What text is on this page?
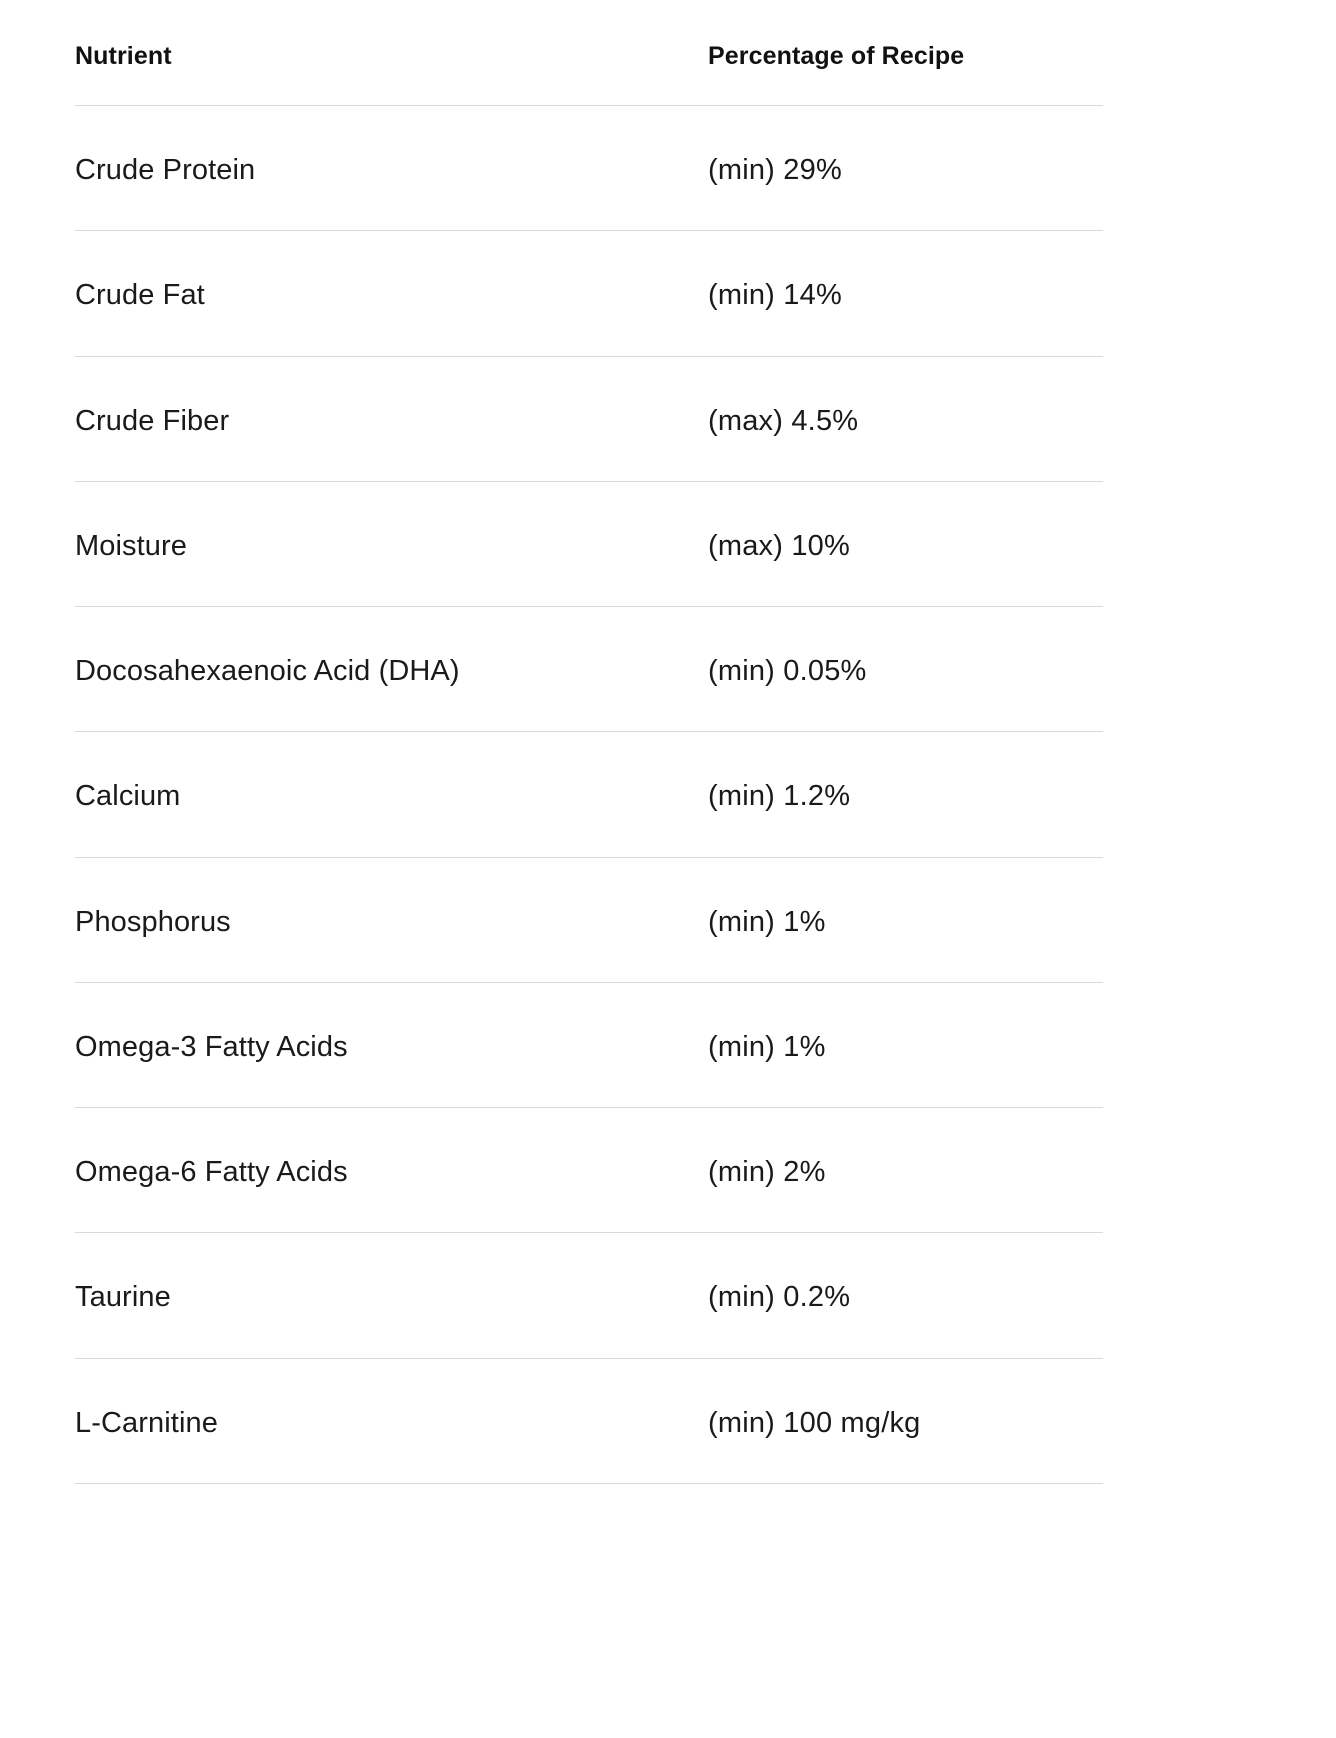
Nutrient	Percentage of Recipe
Crude Protein	(min) 29%
Crude Fat	(min) 14%
Crude Fiber	(max) 4.5%
Moisture	(max) 10%
Docosahexaenoic Acid (DHA)	(min) 0.05%
Calcium	(min) 1.2%
Phosphorus	(min) 1%
Omega-3 Fatty Acids	(min) 1%
Omega-6 Fatty Acids	(min) 2%
Taurine	(min) 0.2%
L-Carnitine	(min) 100 mg/kg
